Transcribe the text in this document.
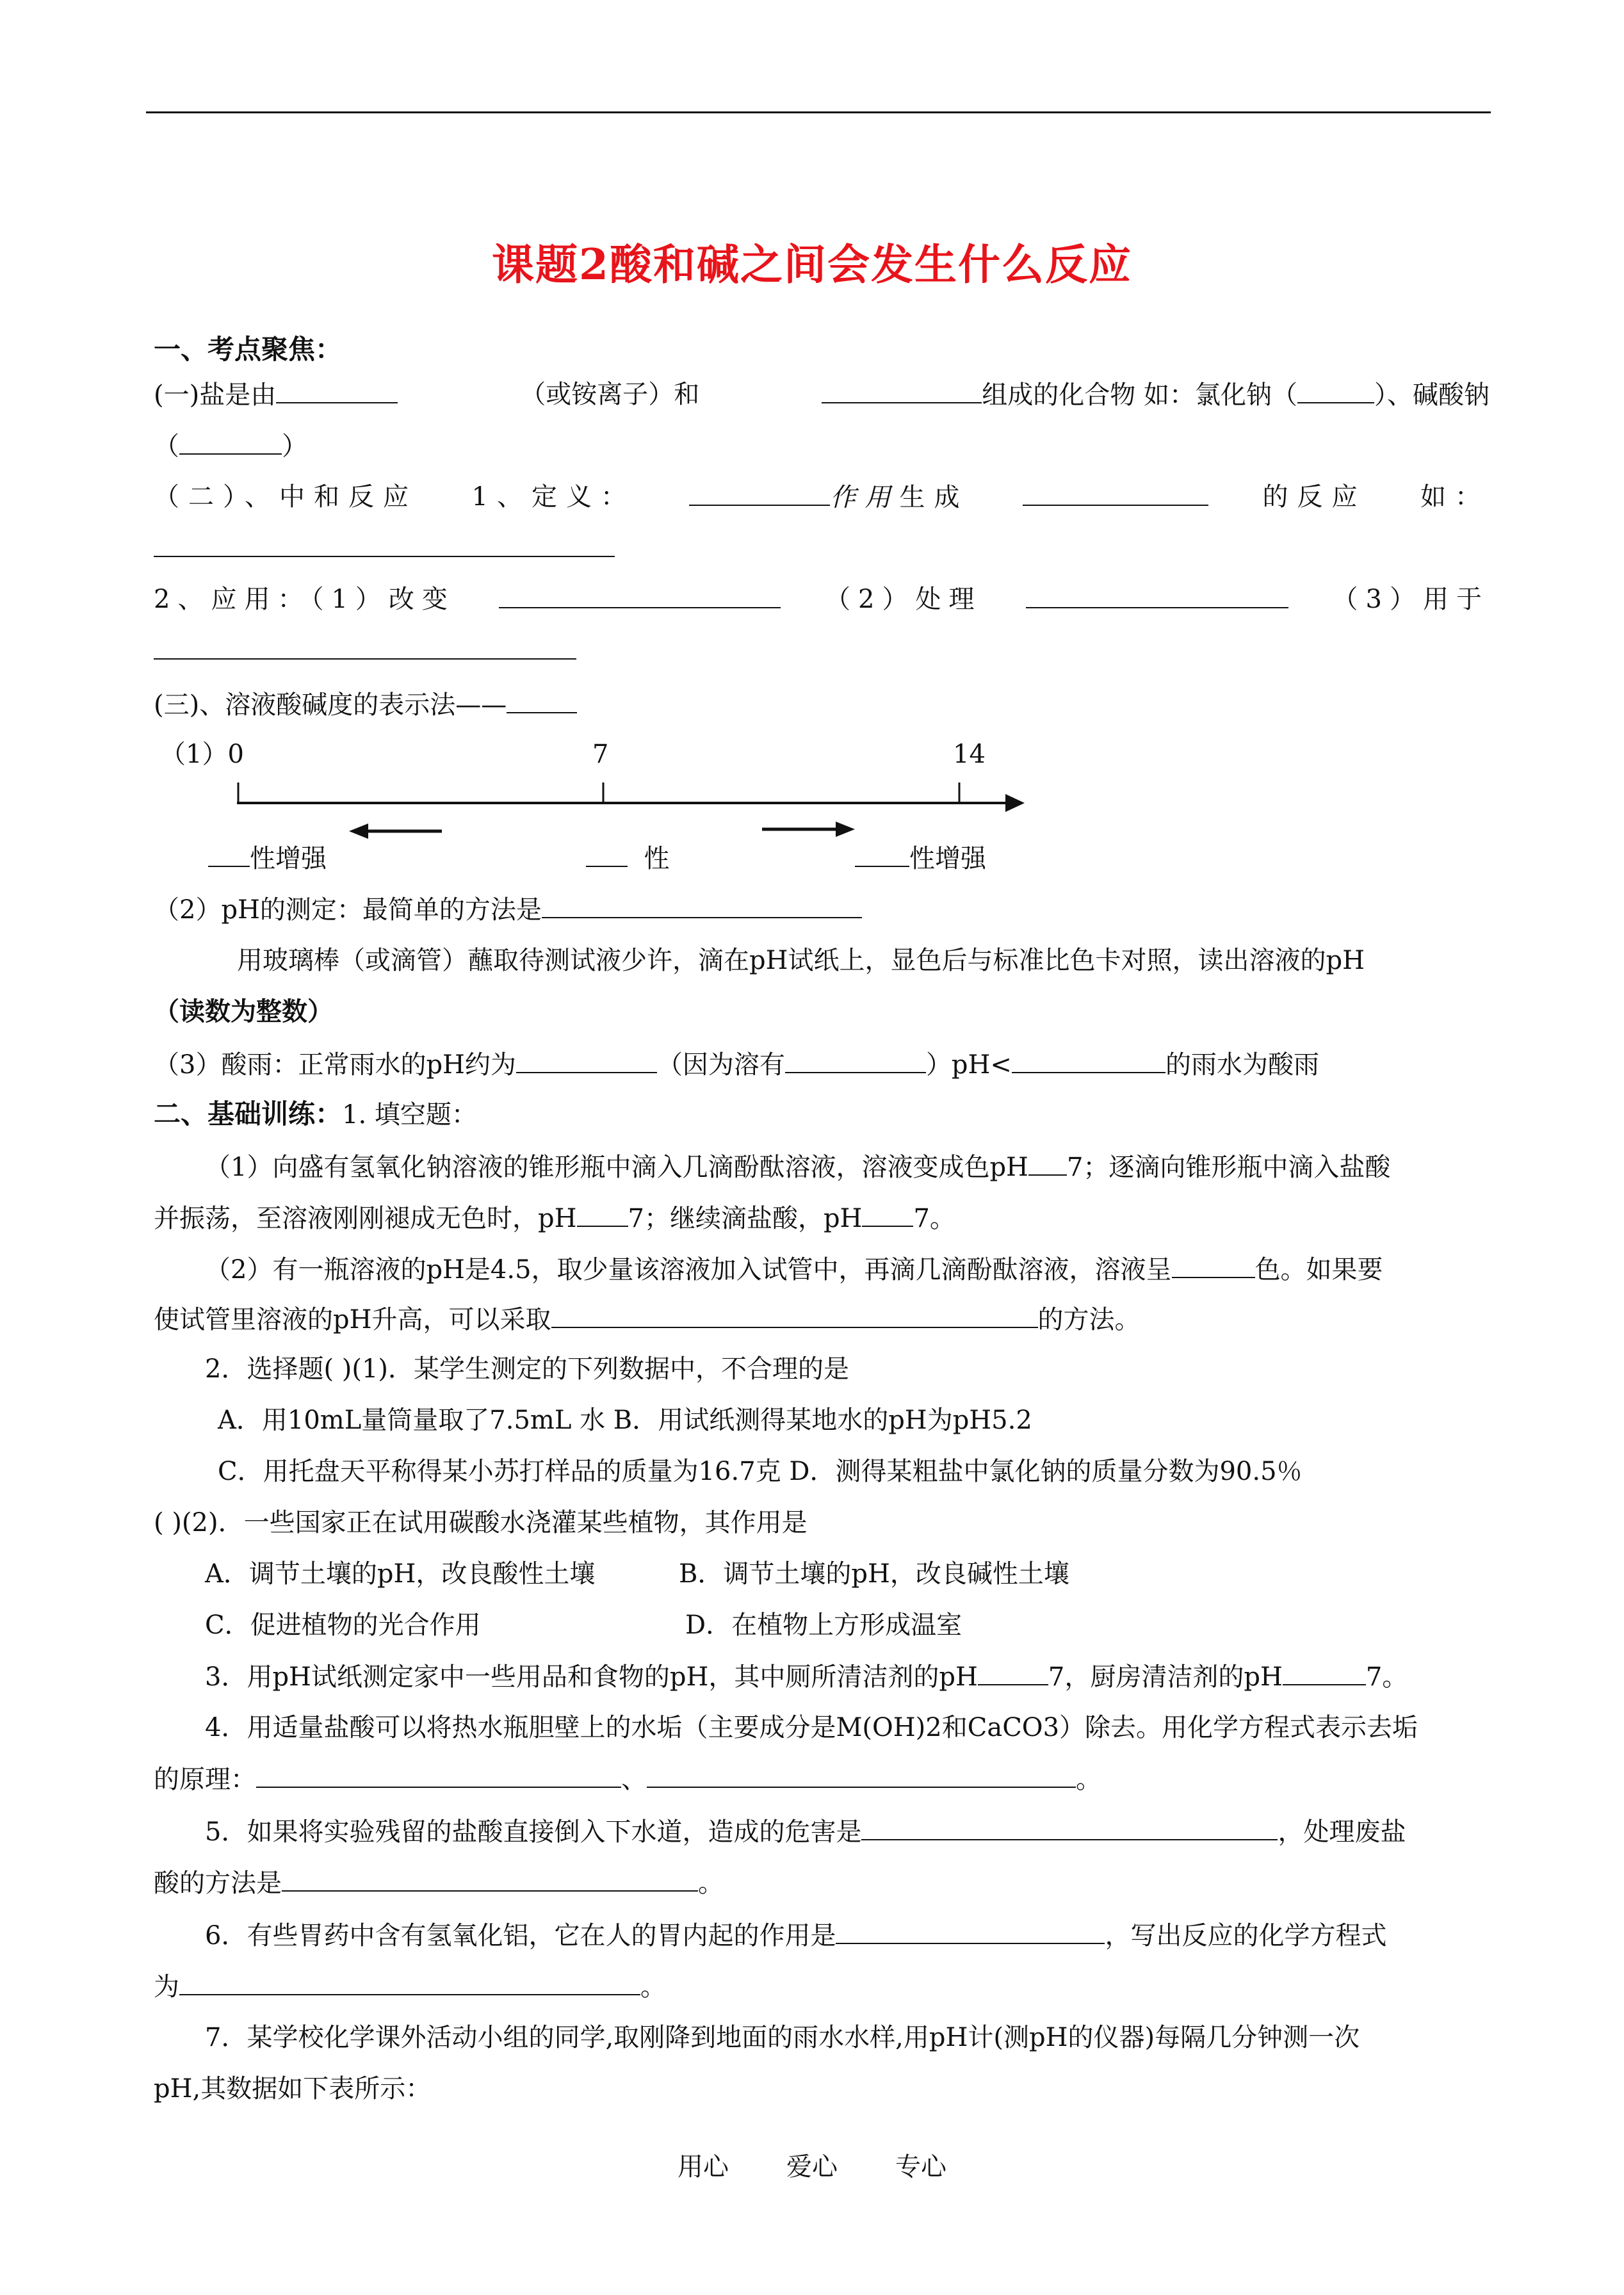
课题2酸和碱之间会发生什么反应
一、考点聚焦：
(一)盐是由	（或铵离子）和	组成的化合物 如：氯化钠（	）、碱酸钠
（	）
（二）、中和反应 1、定义：	作用生成	的反应 如：
2、应用：（1）改变	（2）处理	（3）用于
(三)、溶液酸碱度的表示法——
（1）0	7	14
性增强	性	性增强
（2）pH的测定：最简单的方法是
用玻璃棒（或滴管）蘸取待测试液少许，滴在pH试纸上，显色后与标准比色卡对照，读出溶液的pH
（读数为整数）
（3）酸雨：正常雨水的pH约为	（因为溶有	）pH<	的雨水为酸雨
二、基础训练：1. 填空题：
（1）向盛有氢氧化钠溶液的锥形瓶中滴入几滴酚酞溶液，溶液变成色pH 7；逐滴向锥形瓶中滴入盐酸
并振荡，至溶液刚刚褪成无色时，pH 7；继续滴盐酸，pH 7。
（2）有一瓶溶液的pH是4.5，取少量该溶液加入试管中，再滴几滴酚酞溶液，溶液呈	色。如果要
使试管里溶液的pH升高，可以采取	的方法。
2．选择题( )(1)．某学生测定的下列数据中，不合理的是
A．用10mL量筒量取了7.5mL 水 B．用试纸测得某地水的pH为pH5.2
C．用托盘天平称得某小苏打样品的质量为16.7克 D．测得某粗盐中氯化钠的质量分数为90.5％
( )(2)．一些国家正在试用碳酸水浇灌某些植物，其作用是
A．调节土壤的pH，改良酸性土壤	B．调节土壤的pH，改良碱性土壤
C．促进植物的光合作用	D．在植物上方形成温室
3．用pH试纸测定家中一些用品和食物的pH，其中厕所清洁剂的pH	7，厨房清洁剂的pH	7。
4．用适量盐酸可以将热水瓶胆壁上的水垢（主要成分是M(OH)2和CaCO3）除去。用化学方程式表示去垢
的原理：	、	。
5．如果将实验残留的盐酸直接倒入下水道，造成的危害是	，处理废盐
酸的方法是	。
6．有些胃药中含有氢氧化铝，它在人的胃内起的作用是	，写出反应的化学方程式
为	。
7．某学校化学课外活动小组的同学,取刚降到地面的雨水水样,用pH计(测pH的仪器)每隔几分钟测一次
pH,其数据如下表所示：
用心 爱心 专心
